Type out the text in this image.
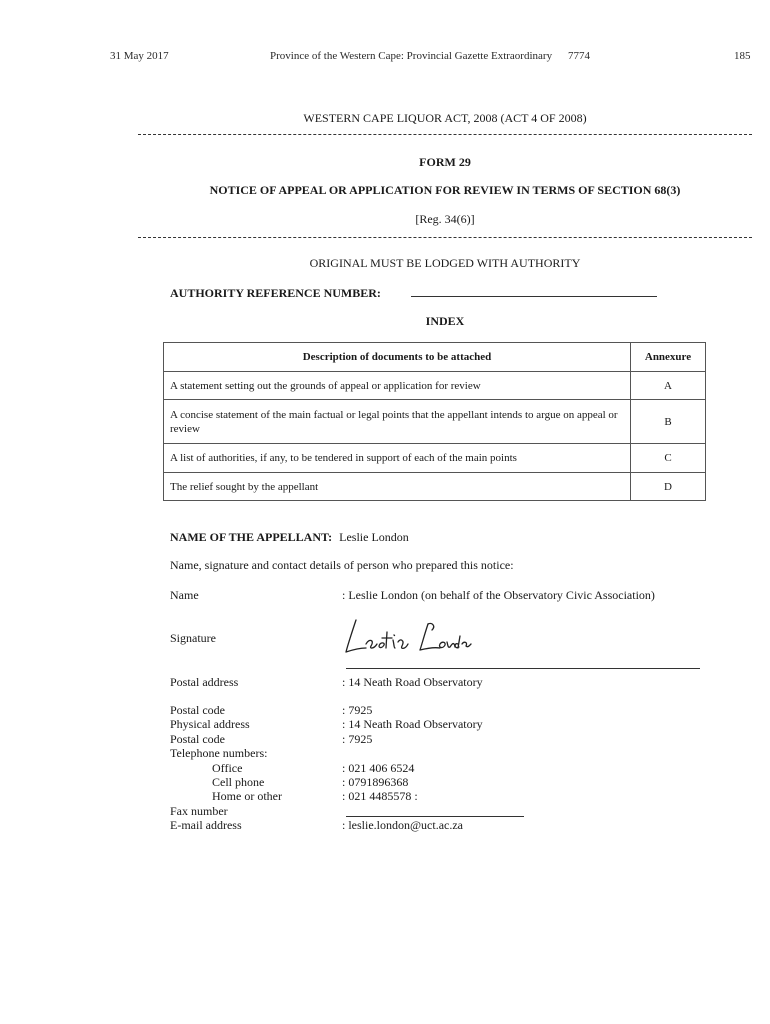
31 May 2017	Province of the Western Cape: Provincial Gazette Extraordinary 7774	185
WESTERN CAPE LIQUOR ACT, 2008 (ACT 4 OF 2008)
FORM 29
NOTICE OF APPEAL OR APPLICATION FOR REVIEW IN TERMS OF SECTION 68(3)
[Reg. 34(6)]
ORIGINAL MUST BE LODGED WITH AUTHORITY
AUTHORITY REFERENCE NUMBER:
INDEX
Description of documents to be attached	Annexure
A statement setting out the grounds of appeal or application for review	A
A concise statement of the main factual or legal points that the appellant intends to argue on appeal or review	B
A list of authorities, if any, to be tendered in support of each of the main points	C
The relief sought by the appellant	D
NAME OF THE APPELLANT: Leslie London
Name, signature and contact details of person who prepared this notice:
Name	: Leslie London (on behalf of the Observatory Civic Association)
Signature
Postal address	: 14 Neath Road Observatory
Postal code	: 7925
Physical address	: 14 Neath Road Observatory
Postal code	: 7925
Telephone numbers:
Office	: 021 406 6524
Cell phone	: 0791896368
Home or other	: 021 4485578 :
Fax number
E-mail address	: leslie.london@uct.ac.za
